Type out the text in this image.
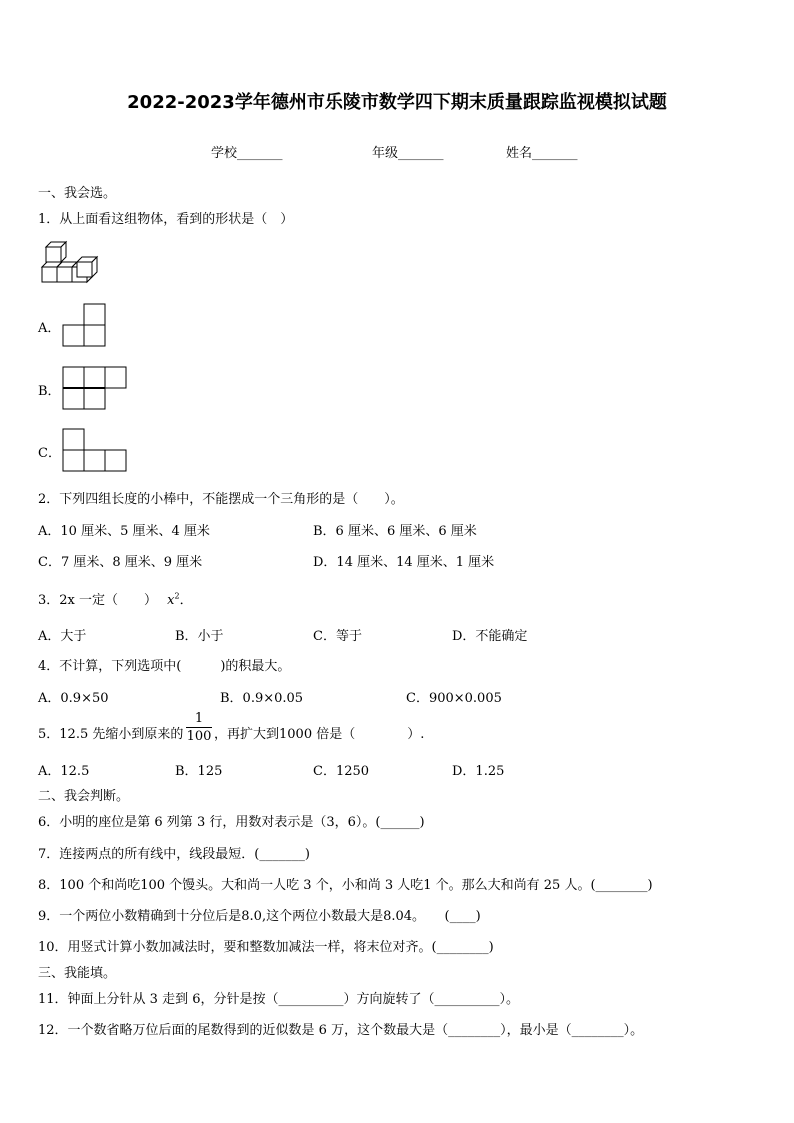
2022-2023学年德州市乐陵市数学四下期末质量跟踪监视模拟试题
学校_______	年级_______	姓名_______
一、我会选。
1．从上面看这组物体，看到的形状是（　）
A．
B．
C．
2．下列四组长度的小棒中，不能摆成一个三角形的是（　　）。
A．10 厘米、5 厘米、4 厘米	B．6 厘米、6 厘米、6 厘米
C．7 厘米、8 厘米、9 厘米	D．14 厘米、14 厘米、1 厘米
3．2x 一定（　　） $x^2$．
A．大于	B．小于	C．等于	D．不能确定
4．不计算，下列选项中(　　　)的积最大。
A．0.9×50	B．0.9×0.05	C．900×0.005
5．12.5 先缩小到原来的
1
100 ，再扩大到1000 倍是（　　　　）.
A．12.5	B．125	C．1250	D．1.25
二、我会判断。
6．小明的座位是第 6 列第 3 行，用数对表示是（3，6）。(______)
7．连接两点的所有线中，线段最短．(_______)
8．100 个和尚吃100 个馒头。大和尚一人吃 3 个，小和尚 3 人吃1 个。那么大和尚有 25 人。(________)
9．一个两位小数精确到十分位后是8.0,这个两位小数最大是8.04。　　(____)
10．用竖式计算小数加减法时，要和整数加减法一样，将末位对齐。(________)
三、我能填。
11．钟面上分针从 3 走到 6，分针是按（__________）方向旋转了（__________）。
12．一个数省略万位后面的尾数得到的近似数是 6 万，这个数最大是（________），最小是（________）。
